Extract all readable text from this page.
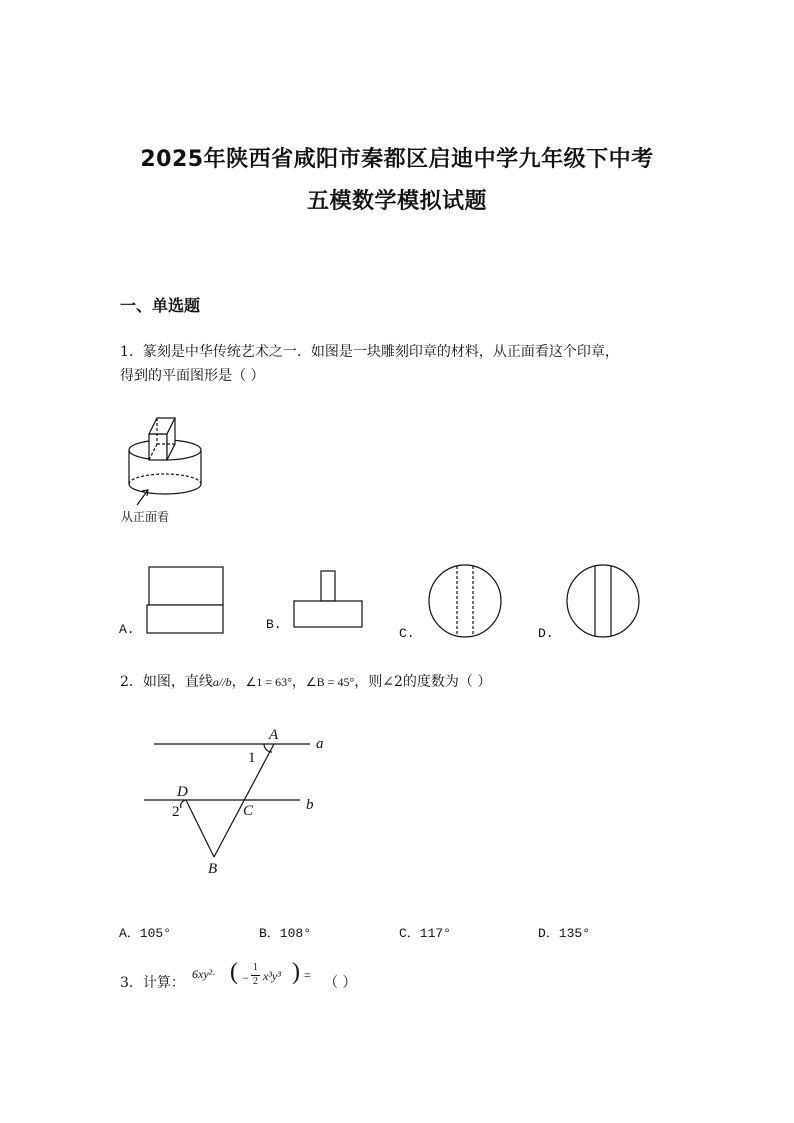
2025年陕西省咸阳市秦都区启迪中学九年级下中考
五模数学模拟试题
一、单选题
1．篆刻是中华传统艺术之一．如图是一块雕刻印章的材料，从正面看这个印章，
得到的平面图形是（ ）
从正面看
A.	B.
C.	D.
2．如图，直线a//b，∠1 = 63°，∠B = 45°，则∠2的度数为（ ）
A
a
1
D
b
2	C
B
A．105°	B．108°	C．117°	D．135°
3．计算：
6xy²· ( −
1
2 x³y³ ) = （ ）
